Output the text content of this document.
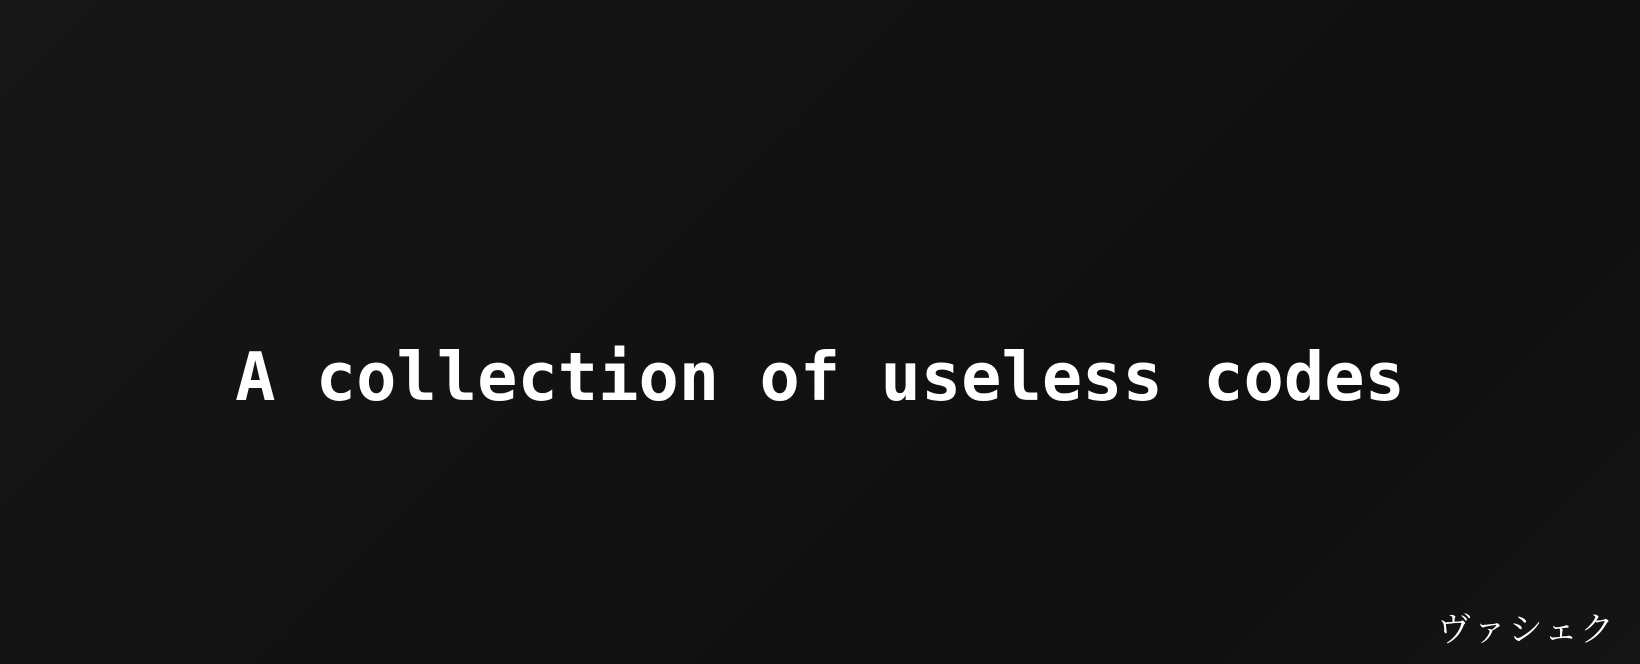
A collection of useless codes
ヴァシェク
